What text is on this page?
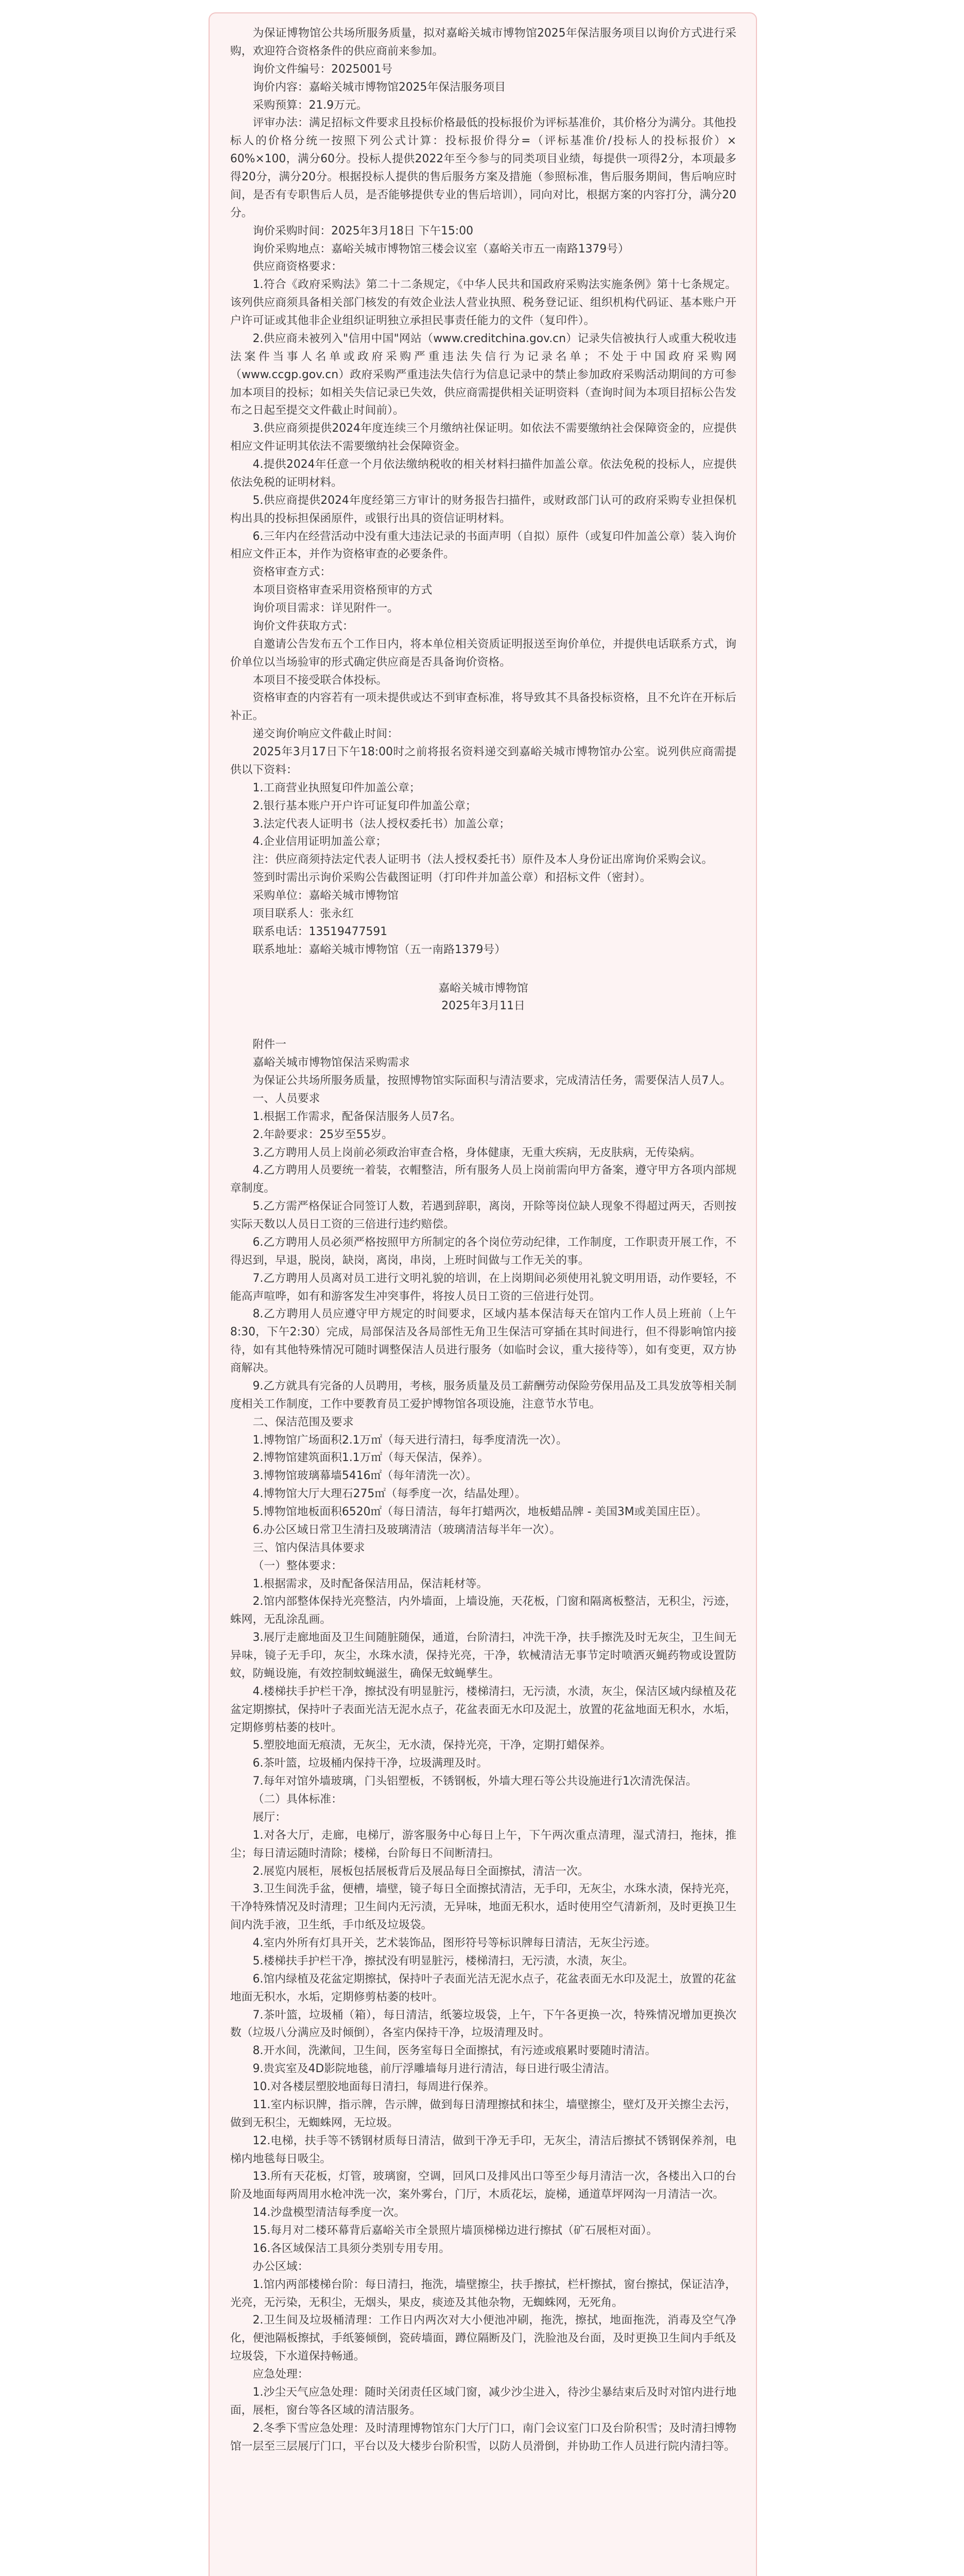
为保证博物馆公共场所服务质量，拟对嘉峪关城市博物馆2025年保洁服务项目以询价方式进行采购，欢迎符合资格条件的供应商前来参加。

询价文件编号：2025001号

询价内容：嘉峪关城市博物馆2025年保洁服务项目

采购预算：21.9万元。

评审办法：满足招标文件要求且投标价格最低的投标报价为评标基准价，其价格分为满分。其他投标人的价格分统一按照下列公式计算：投标报价得分=（评标基准价/投标人的投标报价）× 60%×100，满分60分。投标人提供2022年至今参与的同类项目业绩，每提供一项得2分，本项最多得20分，满分20分。根据投标人提供的售后服务方案及措施（参照标准，售后服务期间，售后响应时间，是否有专职售后人员，是否能够提供专业的售后培训），同向对比，根据方案的内容打分，满分20分。

询价采购时间：2025年3月18日 下午15:00

询价采购地点：嘉峪关城市博物馆三楼会议室（嘉峪关市五一南路1379号）

供应商资格要求：

1.符合《政府采购法》第二十二条规定，《中华人民共和国政府采购法实施条例》第十七条规定。该列供应商须具备相关部门核发的有效企业法人营业执照、税务登记证、组织机构代码证、基本账户开户许可证或其他非企业组织证明独立承担民事责任能力的文件（复印件）。

2.供应商未被列入"信用中国"网站（www.creditchina.gov.cn）记录失信被执行人或重大税收违法案件当事人名单或政府采购严重违法失信行为记录名单；不处于中国政府采购网（www.ccgp.gov.cn）政府采购严重违法失信行为信息记录中的禁止参加政府采购活动期间的方可参加本项目的投标；如相关失信记录已失效，供应商需提供相关证明资料（查询时间为本项目招标公告发布之日起至提交文件截止时间前）。

3.供应商须提供2024年度连续三个月缴纳社保证明。如依法不需要缴纳社会保障资金的，应提供相应文件证明其依法不需要缴纳社会保障资金。

4.提供2024年任意一个月依法缴纳税收的相关材料扫描件加盖公章。依法免税的投标人，应提供依法免税的证明材料。

5.供应商提供2024年度经第三方审计的财务报告扫描件，或财政部门认可的政府采购专业担保机构出具的投标担保函原件，或银行出具的资信证明材料。

6.三年内在经营活动中没有重大违法记录的书面声明（自拟）原件（或复印件加盖公章）装入询价相应文件正本，并作为资格审查的必要条件。

资格审查方式：

本项目资格审查采用资格预审的方式

询价项目需求：详见附件一。

询价文件获取方式：

自邀请公告发布五个工作日内，将本单位相关资质证明报送至询价单位，并提供电话联系方式，询价单位以当场验审的形式确定供应商是否具备询价资格。

本项目不接受联合体投标。

资格审查的内容若有一项未提供或达不到审查标准，将导致其不具备投标资格，且不允许在开标后补正。

递交询价响应文件截止时间：

2025年3月17日下午18:00时之前将报名资料递交到嘉峪关城市博物馆办公室。说列供应商需提供以下资料：

1.工商营业执照复印件加盖公章；

2.银行基本账户开户许可证复印件加盖公章；

3.法定代表人证明书（法人授权委托书）加盖公章；

4.企业信用证明加盖公章；

注：供应商须持法定代表人证明书（法人授权委托书）原件及本人身份证出席询价采购会议。

签到时需出示询价采购公告截图证明（打印件并加盖公章）和招标文件（密封）。

采购单位：嘉峪关城市博物馆

项目联系人：张永红

联系电话：13519477591

联系地址：嘉峪关城市博物馆（五一南路1379号）

嘉峪关城市博物馆

2025年3月11日

附件一

嘉峪关城市博物馆保洁采购需求

为保证公共场所服务质量，按照博物馆实际面积与清洁要求，完成清洁任务，需要保洁人员7人。

一、人员要求

1.根据工作需求，配备保洁服务人员7名。

2.年龄要求：25岁至55岁。

3.乙方聘用人员上岗前必须政治审查合格，身体健康，无重大疾病，无皮肤病，无传染病。

4.乙方聘用人员要统一着装，衣帽整洁，所有服务人员上岗前需向甲方备案，遵守甲方各项内部规章制度。

5.乙方需严格保证合同签订人数，若遇到辞职，离岗，开除等岗位缺人现象不得超过两天，否则按实际天数以人员日工资的三倍进行违约赔偿。

6.乙方聘用人员必须严格按照甲方所制定的各个岗位劳动纪律，工作制度，工作职责开展工作，不得迟到，早退，脱岗，缺岗，离岗，串岗，上班时间做与工作无关的事。

7.乙方聘用人员离对员工进行文明礼貌的培训，在上岗期间必须使用礼貌文明用语，动作要轻，不能高声喧哗，如有和游客发生冲突事件，将按人员日工资的三倍进行处罚。

8.乙方聘用人员应遵守甲方规定的时间要求，区域内基本保洁每天在馆内工作人员上班前（上午8:30，下午2:30）完成，局部保洁及各局部性无角卫生保洁可穿插在其时间进行，但不得影响馆内接待，如有其他特殊情况可随时调整保洁人员进行服务（如临时会议，重大接待等），如有变更，双方协商解决。

9.乙方就具有完备的人员聘用，考核，服务质量及员工薪酬劳动保险劳保用品及工具发放等相关制度相关工作制度，工作中要教育员工爱护博物馆各项设施，注意节水节电。

二、保洁范围及要求

1.博物馆广场面积2.1万㎡（每天进行清扫，每季度清洗一次）。

2.博物馆建筑面积1.1万㎡（每天保洁，保养）。

3.博物馆玻璃幕墙5416㎡（每年清洗一次）。

4.博物馆大厅大理石275㎡（每季度一次，结晶处理）。

5.博物馆地板面积6520㎡（每日清洁，每年打蜡两次，地板蜡品牌 - 美国3M或美国庄臣）。

6.办公区域日常卫生清扫及玻璃清洁（玻璃清洁每半年一次）。

三、馆内保洁具体要求

（一）整体要求：

1.根据需求，及时配备保洁用品，保洁耗材等。

2.馆内部整体保持光亮整洁，内外墙面，上墙设施，天花板，门窗和隔离板整洁，无积尘，污迹，蛛网，无乱涂乱画。

3.展厅走廊地面及卫生间随脏随保，通道，台阶清扫，冲洗干净，扶手擦洗及时无灰尘，卫生间无异味，镜子无手印，灰尘，水珠水渍，保持光亮，干净，软械清洁无事节定时喷洒灭蝇药物或设置防蚊，防蝇设施，有效控制蚊蝇滋生，确保无蚊蝇孳生。

4.楼梯扶手护栏干净，擦拭没有明显脏污，楼梯清扫，无污渍，水渍，灰尘，保洁区域内绿植及花盆定期擦拭，保持叶子表面光洁无泥水点子，花盆表面无水印及泥土，放置的花盆地面无积水，水垢，定期修剪枯萎的枝叶。

5.塑胶地面无痕渍，无灰尘，无水渍，保持光亮，干净，定期打蜡保养。

6.茶叶篮，垃圾桶内保持干净，垃圾满理及时。

7.每年对馆外墙玻璃，门头铝塑板，不锈钢板，外墙大理石等公共设施进行1次清洗保洁。

（二）具体标准：

展厅：

1.对各大厅，走廊，电梯厅，游客服务中心每日上午，下午两次重点清理，湿式清扫，拖抹，推尘；每日清运随时清除；楼梯，台阶每日不间断清扫。

2.展览内展柜，展板包括展板背后及展品每日全面擦拭，清洁一次。

3.卫生间洗手盆，便槽，墙壁，镜子每日全面擦拭清洁，无手印，无灰尘，水珠水渍，保持光亮，干净特殊情况及时清理；卫生间内无污渍，无异味，地面无积水，适时使用空气清新剂，及时更换卫生间内洗手液，卫生纸，手巾纸及垃圾袋。

4.室内外所有灯具开关，艺术装饰品，图形符号等标识牌每日清洁，无灰尘污迹。

5.楼梯扶手护栏干净，擦拭没有明显脏污，楼梯清扫，无污渍，水渍，灰尘。

6.馆内绿植及花盆定期擦拭，保持叶子表面光洁无泥水点子，花盆表面无水印及泥土，放置的花盆地面无积水，水垢，定期修剪枯萎的枝叶。

7.茶叶篮，垃圾桶（箱），每日清洁，纸篓垃圾袋，上午，下午各更换一次，特殊情况增加更换次数（垃圾八分满应及时倾倒），各室内保持干净，垃圾清理及时。

8.开水间，洗漱间，卫生间，医务室每日全面擦拭，有污迹或痕累时要随时清洁。

9.贵宾室及4D影院地毯，前厅浮雕墙每月进行清洁，每日进行吸尘清洁。

10.对各楼层塑胶地面每日清扫，每周进行保养。

11.室内标识牌，指示牌，告示牌，做到每日清理擦拭和抹尘，墙壁擦尘，壁灯及开关擦尘去污，做到无积尘，无蜘蛛网，无垃圾。

12.电梯，扶手等不锈钢材质每日清洁，做到干净无手印，无灰尘，清洁后擦拭不锈钢保养剂，电梯内地毯每日吸尘。

13.所有天花板，灯管，玻璃窗，空调，回风口及排风出口等至少每月清洁一次，各楼出入口的台阶及地面每两周用水枪冲洗一次，案外雾台，门厅，木质花坛，旋梯，通道草坪网沟一月清洁一次。

14.沙盘模型清洁每季度一次。

15.每月对二楼环幕背后嘉峪关市全景照片墙顶梯梯边进行擦拭（矿石展柜对面）。

16.各区域保洁工具须分类别专用专用。

办公区域：

1.馆内两部楼梯台阶：每日清扫，拖洗，墙壁擦尘，扶手擦拭，栏杆擦拭，窗台擦拭，保证洁净，光亮，无污染，无积尘，无烟头，果皮，痰迹及其他杂物，无蜘蛛网，无死角。

2.卫生间及垃圾桶清理：工作日内两次对大小便池冲刷，拖洗，擦拭，地面拖洗，消毒及空气净化，便池隔板擦拭，手纸篓倾倒，瓷砖墙面，蹲位隔断及门，洗脸池及台面，及时更换卫生间内手纸及垃圾袋，下水道保持畅通。

应急处理：

1.沙尘天气应急处理：随时关闭责任区域门窗，减少沙尘进入，待沙尘暴结束后及时对馆内进行地面，展柜，窗台等各区域的清洁服务。

2.冬季下雪应急处理：及时清理博物馆东门大厅门口，南门会议室门口及台阶积雪；及时清扫博物馆一层至三层展厅门口，平台以及大楼步台阶积雪，以防人员滑倒，并协助工作人员进行院内清扫等。
